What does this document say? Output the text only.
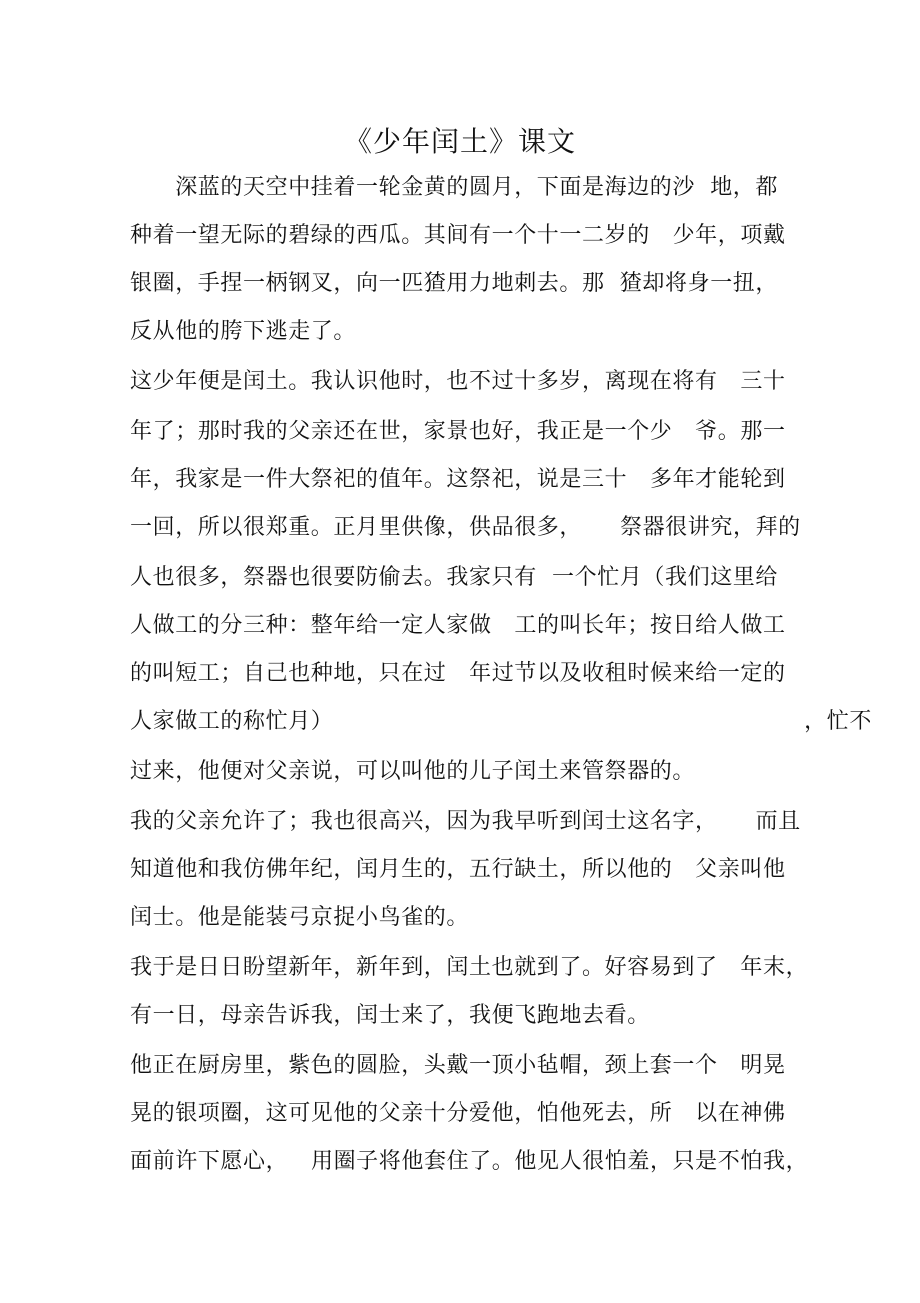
《少年闰土》课文
　　深蓝的天空中挂着一轮金黄的圆月，下面是海边的沙  地，都
种着一望无际的碧绿的西瓜。其间有一个十一二岁的   少年，项戴
银圈，手捏一柄钢叉，向一匹猹用力地刺去。那  猹却将身一扭，
反从他的胯下逃走了。
这少年便是闰土。我认识他时，也不过十多岁，离现在将有   三十
年了；那时我的父亲还在世，家景也好，我正是一个少   爷。那一
年，我家是一件大祭祀的值年。这祭祀，说是三十   多年才能轮到
一回，所以很郑重。正月里供像，供品很多，     祭器很讲究，拜的
人也很多，祭器也很要防偷去。我家只有  一个忙月（我们这里给
人做工的分三种：整年给一定人家做   工的叫长年；按日给人做工
的叫短工；自己也种地，只在过   年过节以及收租时候来给一定的
人家做工的称忙月）                                                              ，忙不
过来，他便对父亲说，可以叫他的儿子闰土来管祭器的。
我的父亲允许了；我也很高兴，因为我早听到闰士这名字，     而且
知道他和我仿佛年纪，闰月生的，五行缺土，所以他的   父亲叫他
闰士。他是能装弓京捉小鸟雀的。
我于是日日盼望新年，新年到，闰土也就到了。好容易到了   年末，
有一日，母亲告诉我，闰士来了，我便飞跑地去看。
他正在厨房里，紫色的圆脸，头戴一顶小毡帽，颈上套一个   明晃
晃的银项圈，这可见他的父亲十分爱他，怕他死去，所   以在神佛
面前许下愿心，   用圈子将他套住了。他见人很怕羞，只是不怕我，
